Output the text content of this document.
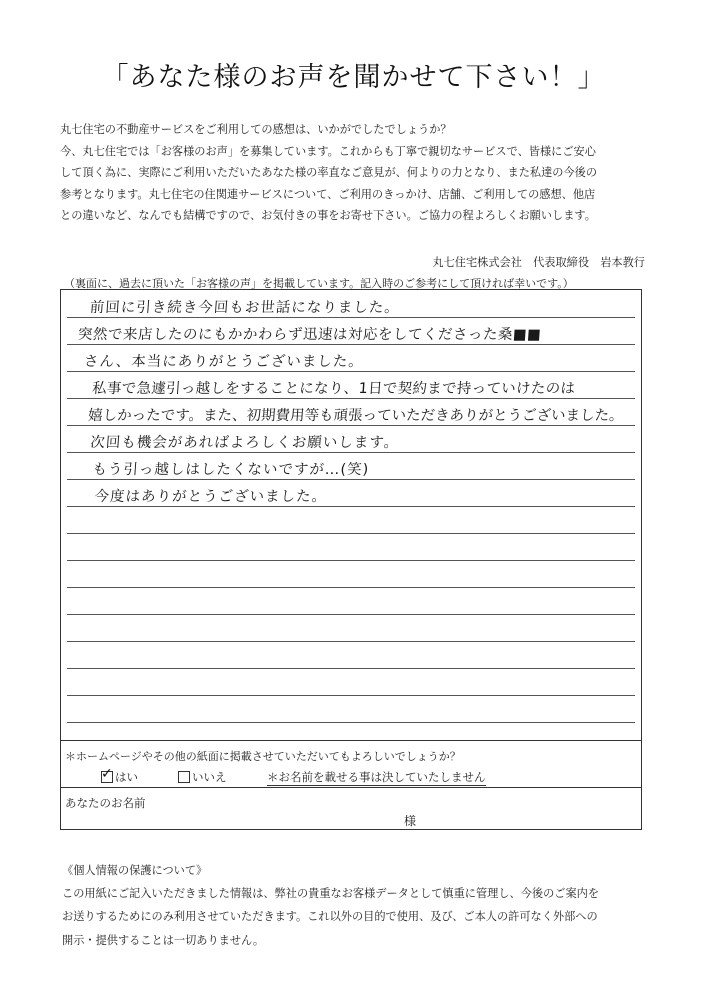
「あなた様のお声を聞かせて下さい！」
丸七住宅の不動産サービスをご利用しての感想は、いかがでしたでしょうか？
今、丸七住宅では「お客様のお声」を募集しています。これからも丁寧で親切なサービスで、皆様にご安心
して頂く為に、実際にご利用いただいたあなた様の率直なご意見が、何よりの力となり、また私達の今後の
参考となります。丸七住宅の住関連サービスについて、ご利用のきっかけ、店舗、ご利用しての感想、他店
との違いなど、なんでも結構ですので、お気付きの事をお寄せ下さい。ご協力の程よろしくお願いします。
丸七住宅株式会社　代表取締役　岩本教行
（裏面に、過去に頂いた「お客様の声」を掲載しています。記入時のご参考にして頂ければ幸いです。）
前回に引き続き今回もお世話になりました。
突然で来店したのにもかかわらず迅速は対応をしてくださった桑■■
さん、本当にありがとうございました。
私事で急遽引っ越しをすることになり、1日で契約まで持っていけたのは
嬉しかったです。また、初期費用等も頑張っていただきありがとうございました。
次回も機会があればよろしくお願いします。
もう引っ越しはしたくないですが…(笑)
今度はありがとうございました。
＊ホームページやその他の紙面に掲載させていただいてもよろしいでしょうか？
✓ はい	いいえ	＊お名前を載せる事は決していたしません
あなたのお名前
様
《個人情報の保護について》
この用紙にご記入いただきました情報は、弊社の貴重なお客様データとして慎重に管理し、今後のご案内を
お送りするためにのみ利用させていただきます。これ以外の目的で使用、及び、ご本人の許可なく外部への
開示・提供することは一切ありません。
